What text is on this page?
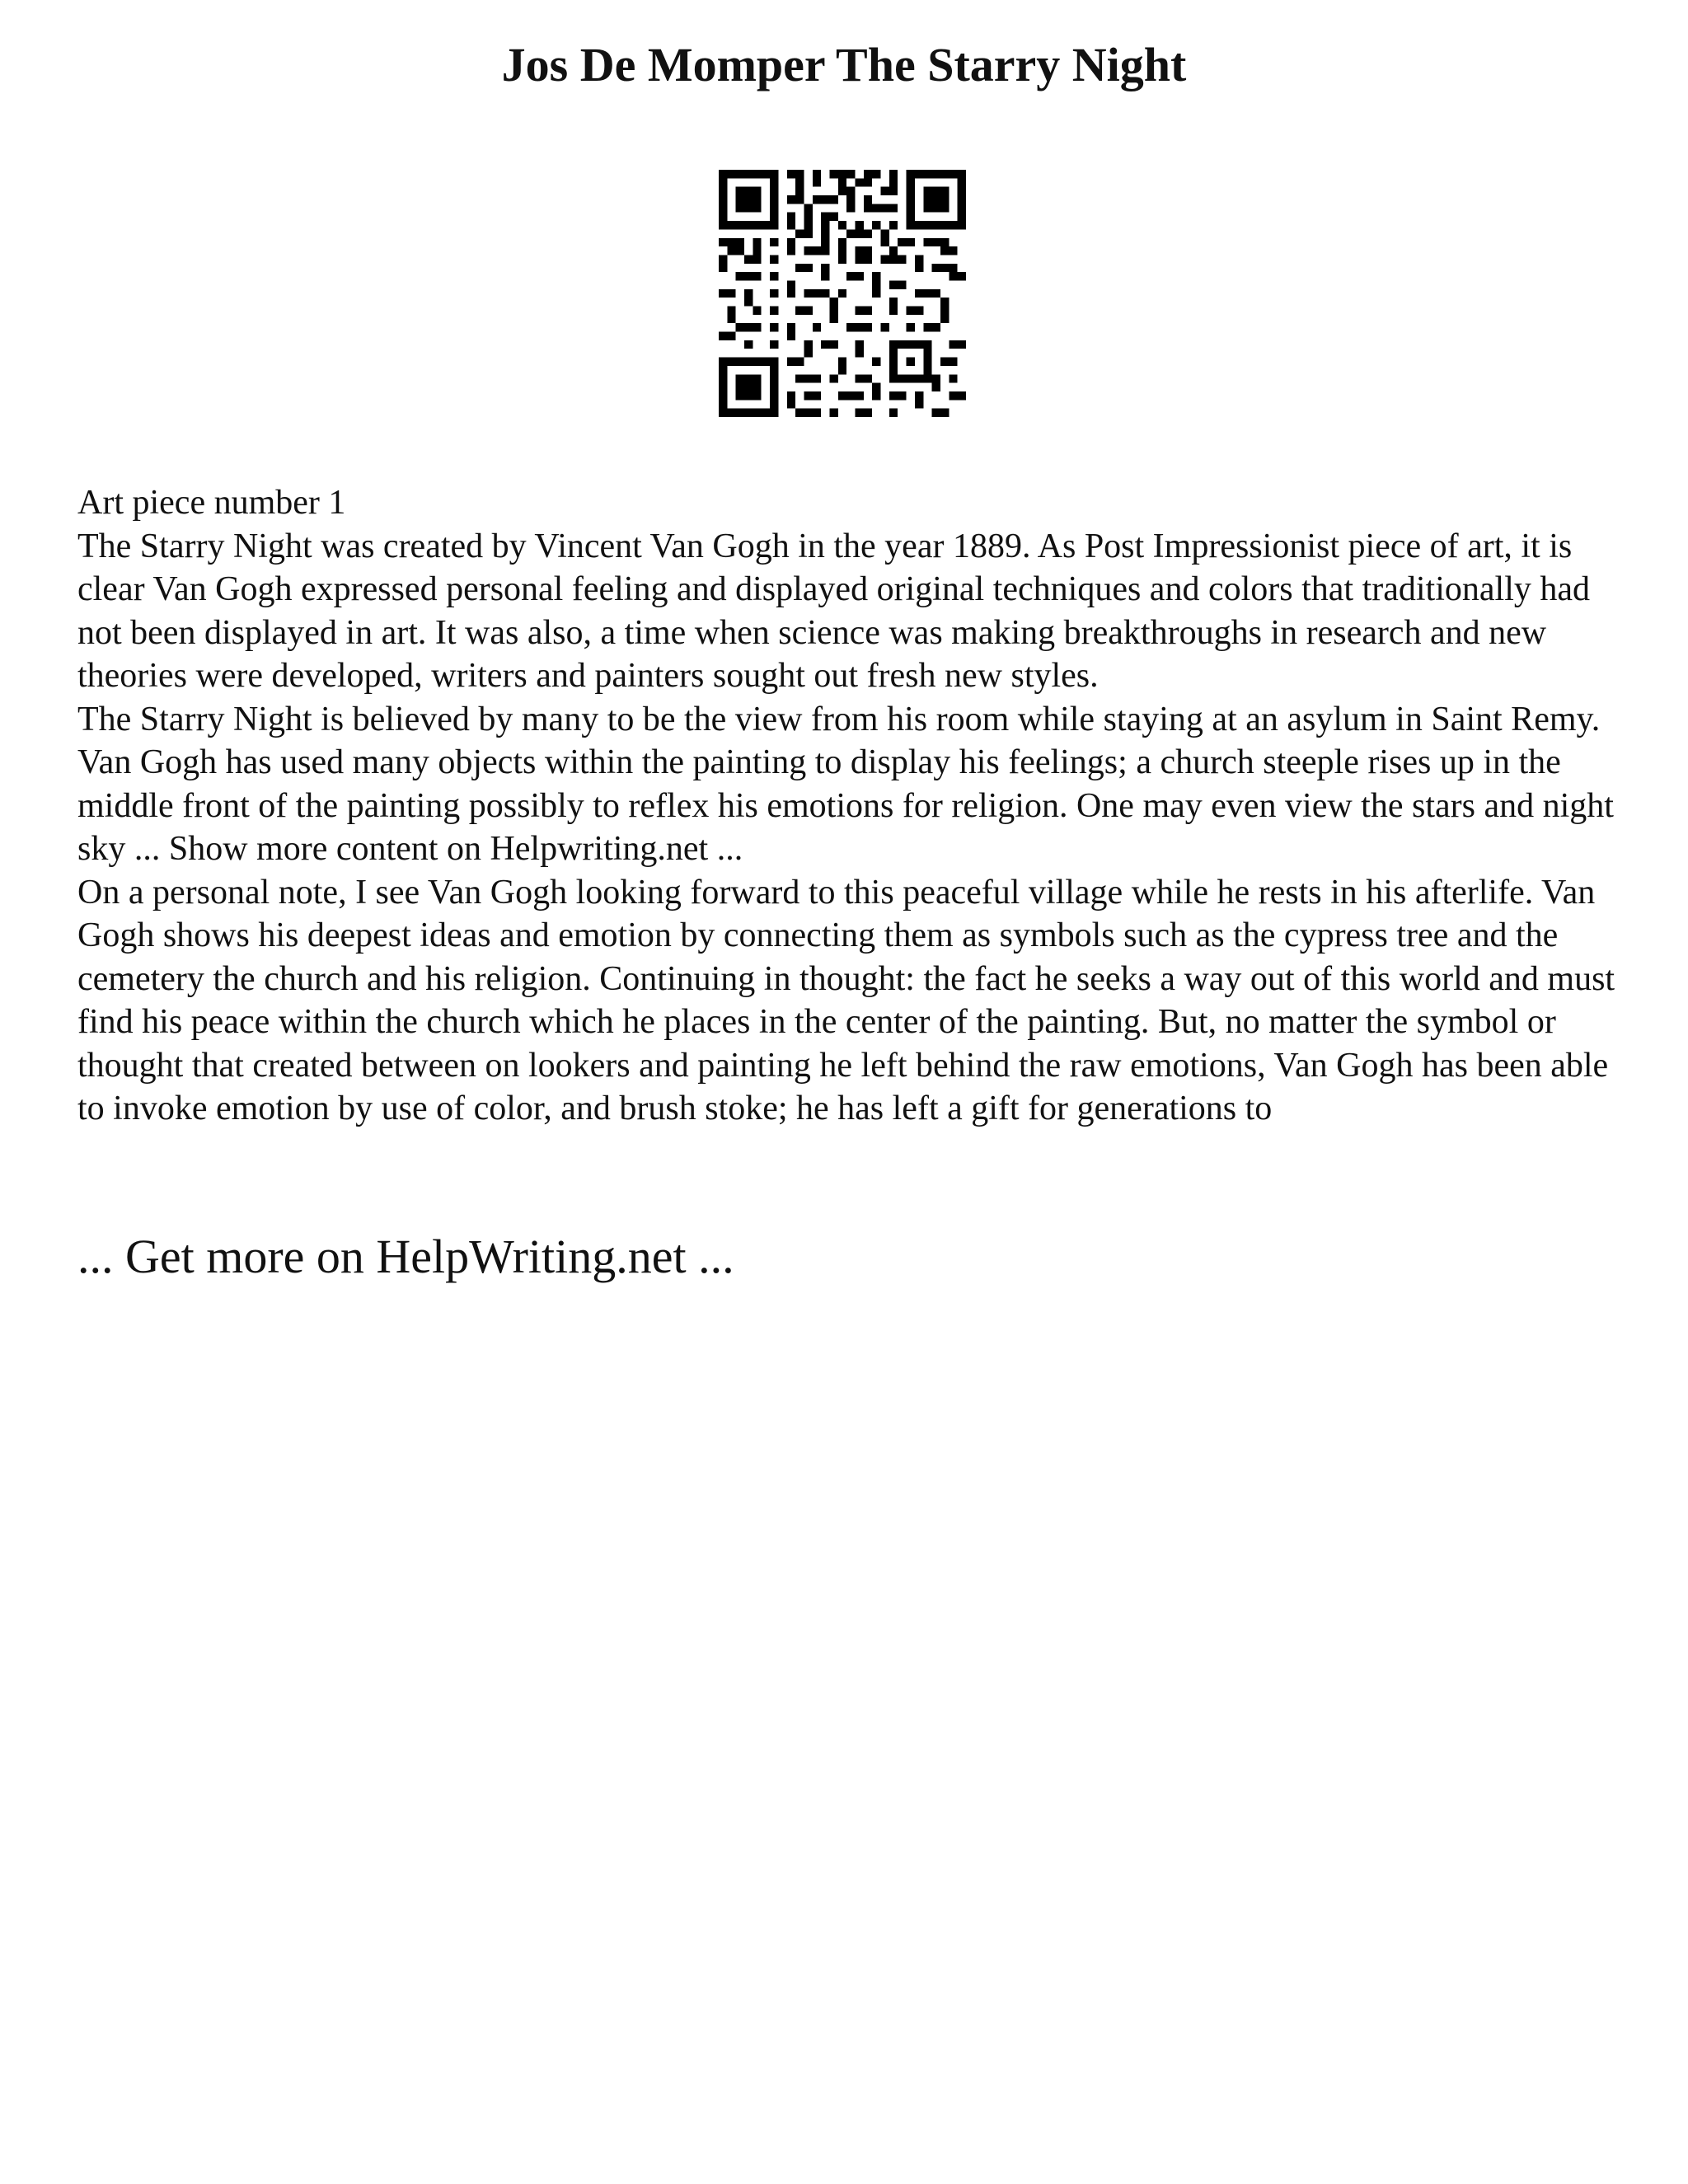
Jos De Momper The Starry Night

Art piece number 1

The Starry Night was created by Vincent Van Gogh in the year 1889. As Post Impressionist piece of art, it is clear Van Gogh expressed personal feeling and displayed original techniques and colors that traditionally had not been displayed in art. It was also, a time when science was making breakthroughs in research and new theories were developed, writers and painters sought out fresh new styles.

The Starry Night is believed by many to be the view from his room while staying at an asylum in Saint Remy. Van Gogh has used many objects within the painting to display his feelings; a church steeple rises up in the middle front of the painting possibly to reflex his emotions for religion. One may even view the stars and night sky ... Show more content on Helpwriting.net ...

On a personal note, I see Van Gogh looking forward to this peaceful village while he rests in his afterlife. Van Gogh shows his deepest ideas and emotion by connecting them as symbols such as the cypress tree and the cemetery the church and his religion. Continuing in thought: the fact he seeks a way out of this world and must find his peace within the church which he places in the center of the painting. But, no matter the symbol or thought that created between on lookers and painting he left behind the raw emotions, Van Gogh has been able to invoke emotion by use of color, and brush stoke; he has left a gift for generations to

... Get more on HelpWriting.net ...
